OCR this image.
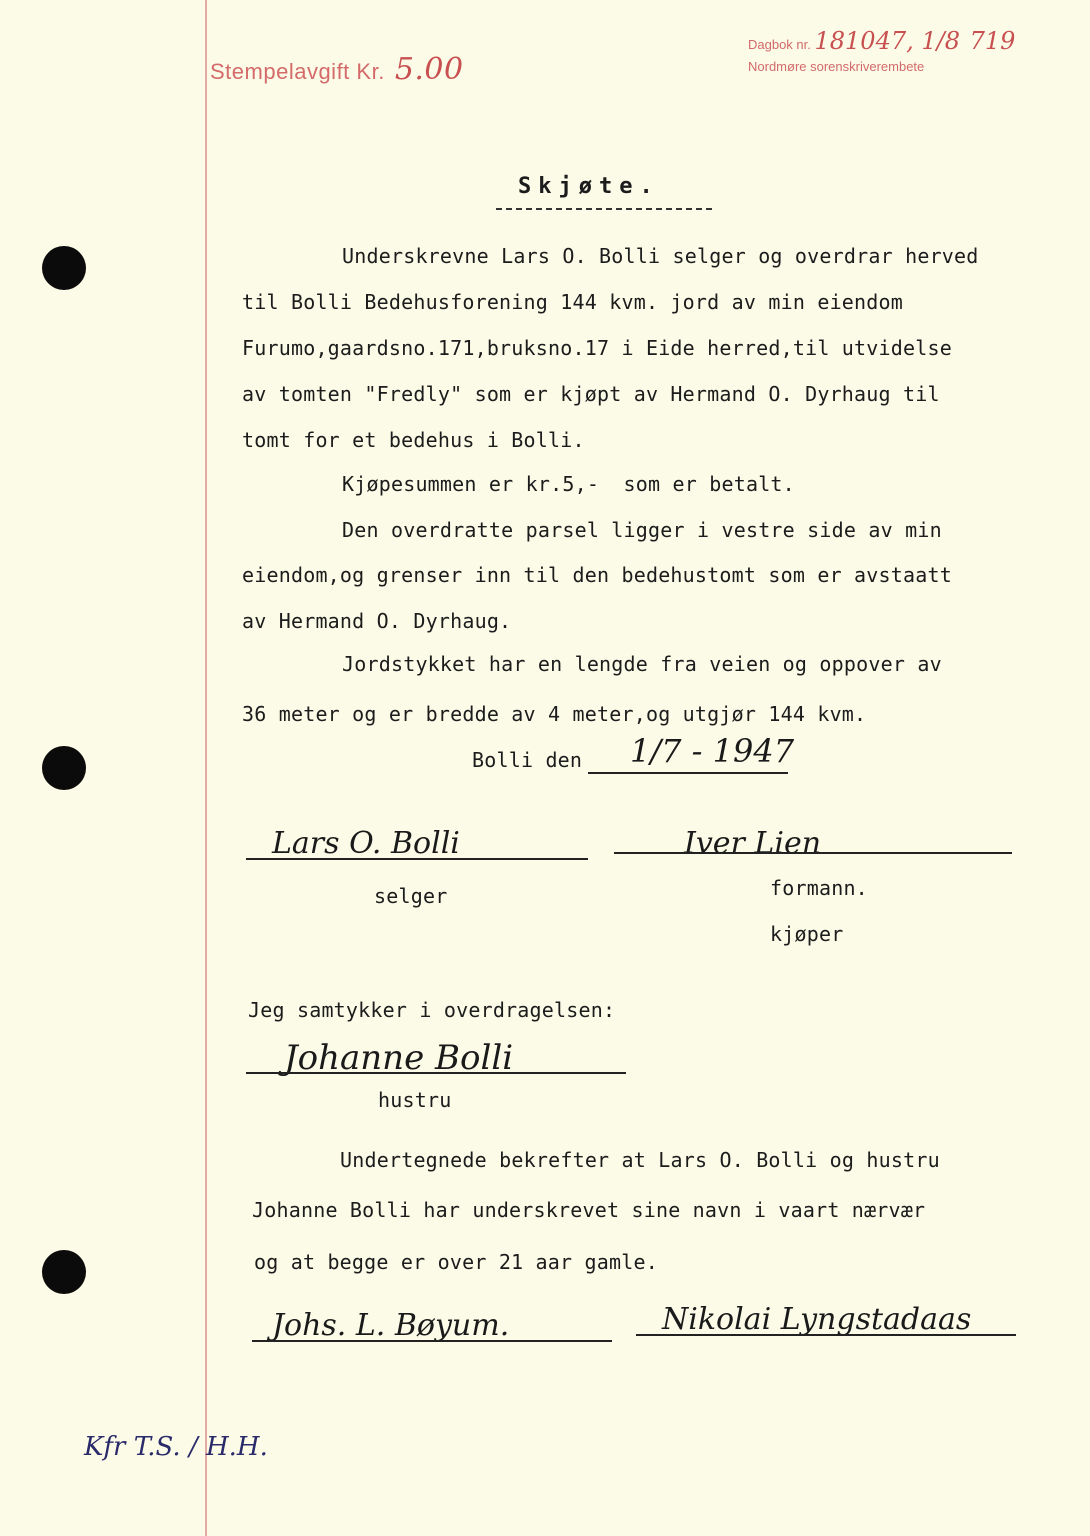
Stempelavgift Kr. 5.00
Dagbok nr. 181047, 1/8 719
Nordmøre sorenskriverembete
Skjøte.
Underskrevne Lars O. Bolli selger og overdrar herved
til Bolli Bedehusforening 144 kvm. jord av min eiendom
Furumo,gaardsno.171,bruksno.17 i Eide herred,til utvidelse
av tomten "Fredly" som er kjøpt av Hermand O. Dyrhaug til
tomt for et bedehus i Bolli.
Kjøpesummen er kr.5,-  som er betalt.
Den overdratte parsel ligger i vestre side av min
eiendom,og grenser inn til den bedehustomt som er avstaatt
av Hermand O. Dyrhaug.
Jordstykket har en lengde fra veien og oppover av
36 meter og er bredde av 4 meter,og utgjør 144 kvm.
Bolli den 1/7 - 1947
Lars O. Bolli	Iver Lien
selger	formann.
kjøper
Jeg samtykker i overdragelsen:
Johanne Bolli
hustru
Undertegnede bekrefter at Lars O. Bolli og hustru
Johanne Bolli har underskrevet sine navn i vaart nærvær
og at begge er over 21 aar gamle.
Johs. L. Bøyum.	Nikolai Lyngstadaas
Kfr T.S. / H.H.
